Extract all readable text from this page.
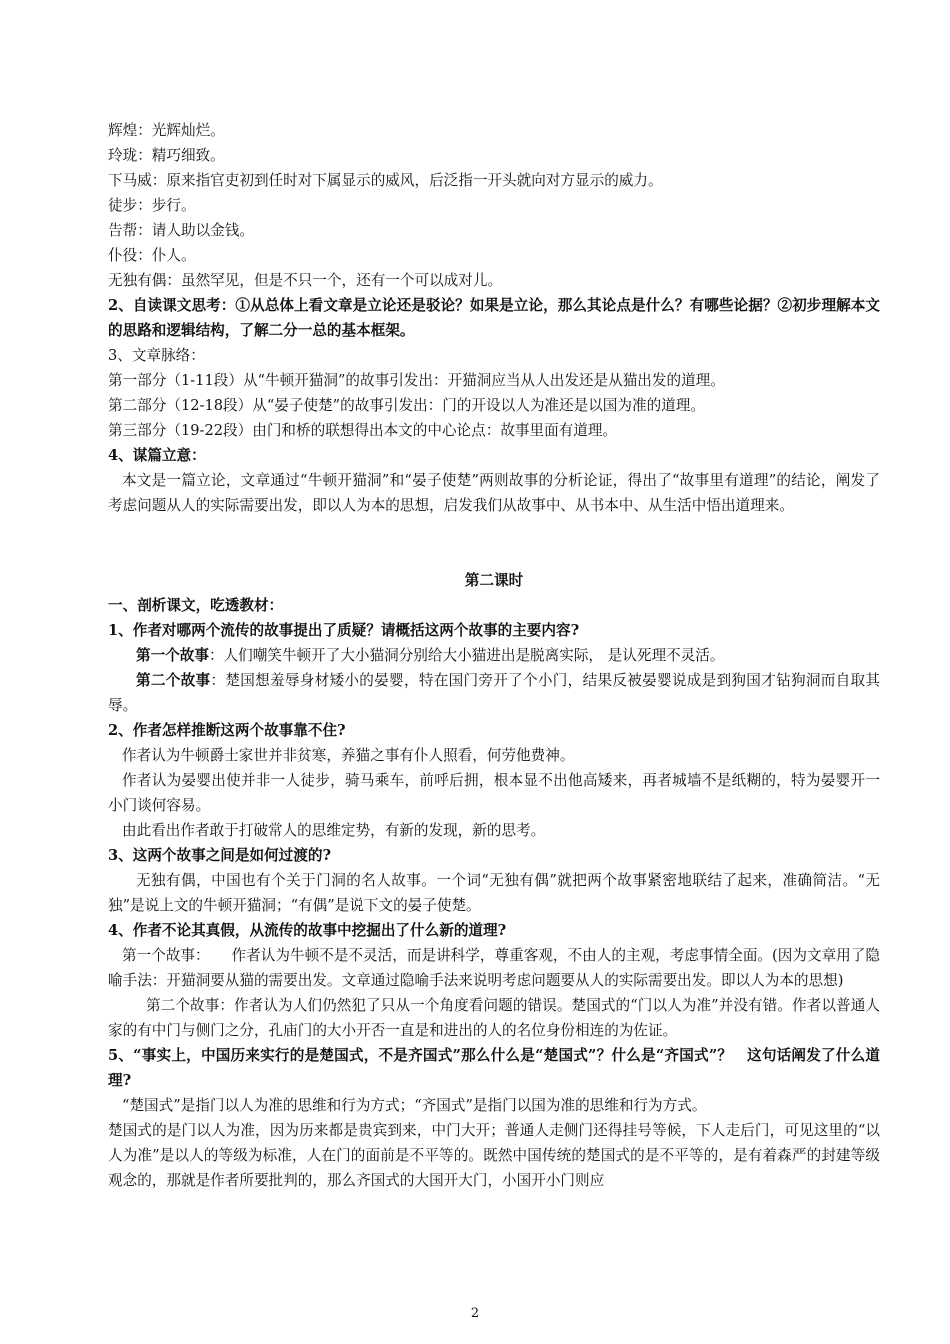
辉煌：光辉灿烂。

玲珑：精巧细致。

下马威：原来指官吏初到任时对下属显示的威风，后泛指一开头就向对方显示的威力。

徒步：步行。

告帮：请人助以金钱。

仆役：仆人。

无独有偶：虽然罕见，但是不只一个，还有一个可以成对儿。

2、自读课文思考：①从总体上看文章是立论还是驳论？如果是立论，那么其论点是什么？有哪些论据？②初步理解本文的思路和逻辑结构，了解二分一总的基本框架。

3、文章脉络：

第一部分（1-11段）从“牛顿开猫洞”的故事引发出：开猫洞应当从人出发还是从猫出发的道理。

第二部分（12-18段）从“晏子使楚”的故事引发出：门的开设以人为准还是以国为准的道理。

第三部分（19-22段）由门和桥的联想得出本文的中心论点：故事里面有道理。

4、谋篇立意：

本文是一篇立论，文章通过“牛顿开猫洞”和“晏子使楚”两则故事的分析论证，得出了“故事里有道理”的结论，阐发了考虑问题从人的实际需要出发，即以人为本的思想，启发我们从故事中、从书本中、从生活中悟出道理来。

第二课时

一、剖析课文，吃透教材：

1、作者对哪两个流传的故事提出了质疑？请概括这两个故事的主要内容?

第一个故事：人们嘲笑牛顿开了大小猫洞分别给大小猫进出是脱离实际， 是认死理不灵活。

第二个故事：楚国想羞辱身材矮小的晏婴，特在国门旁开了个小门，结果反被晏婴说成是到狗国才钻狗洞而自取其辱。

2、作者怎样推断这两个故事靠不住?

作者认为牛顿爵士家世并非贫寒，养猫之事有仆人照看，何劳他费神。

作者认为晏婴出使并非一人徒步，骑马乘车，前呼后拥，根本显不出他高矮来，再者城墙不是纸糊的，特为晏婴开一小门谈何容易。

由此看出作者敢于打破常人的思维定势，有新的发现，新的思考。

3、这两个故事之间是如何过渡的?

无独有偶，中国也有个关于门洞的名人故事。一个词“无独有偶”就把两个故事紧密地联结了起来，准确简洁。“无独”是说上文的牛顿开猫洞；“有偶”是说下文的晏子使楚。

4、作者不论其真假，从流传的故事中挖掘出了什么新的道理?

第一个故事：　　作者认为牛顿不是不灵活，而是讲科学，尊重客观，不由人的主观，考虑事情全面。(因为文章用了隐喻手法：开猫洞要从猫的需要出发。文章通过隐喻手法来说明考虑问题要从人的实际需要出发。即以人为本的思想)

第二个故事：作者认为人们仍然犯了只从一个角度看问题的错误。楚国式的“门以人为准”并没有错。作者以普通人家的有中门与侧门之分，孔庙门的大小开否一直是和进出的人的名位身份相连的为佐证。

5、“事实上，中国历来实行的是楚国式，不是齐国式”那么什么是“楚国式”？什么是“齐国式”？　这句话阐发了什么道理?

“楚国式”是指门以人为准的思维和行为方式；“齐国式”是指门以国为准的思维和行为方式。

楚国式的是门以人为准，因为历来都是贵宾到来，中门大开；普通人走侧门还得挂号等候，下人走后门，可见这里的“以人为准”是以人的等级为标准，人在门的面前是不平等的。既然中国传统的楚国式的是不平等的，是有着森严的封建等级观念的，那就是作者所要批判的，那么齐国式的大国开大门，小国开小门则应

2
